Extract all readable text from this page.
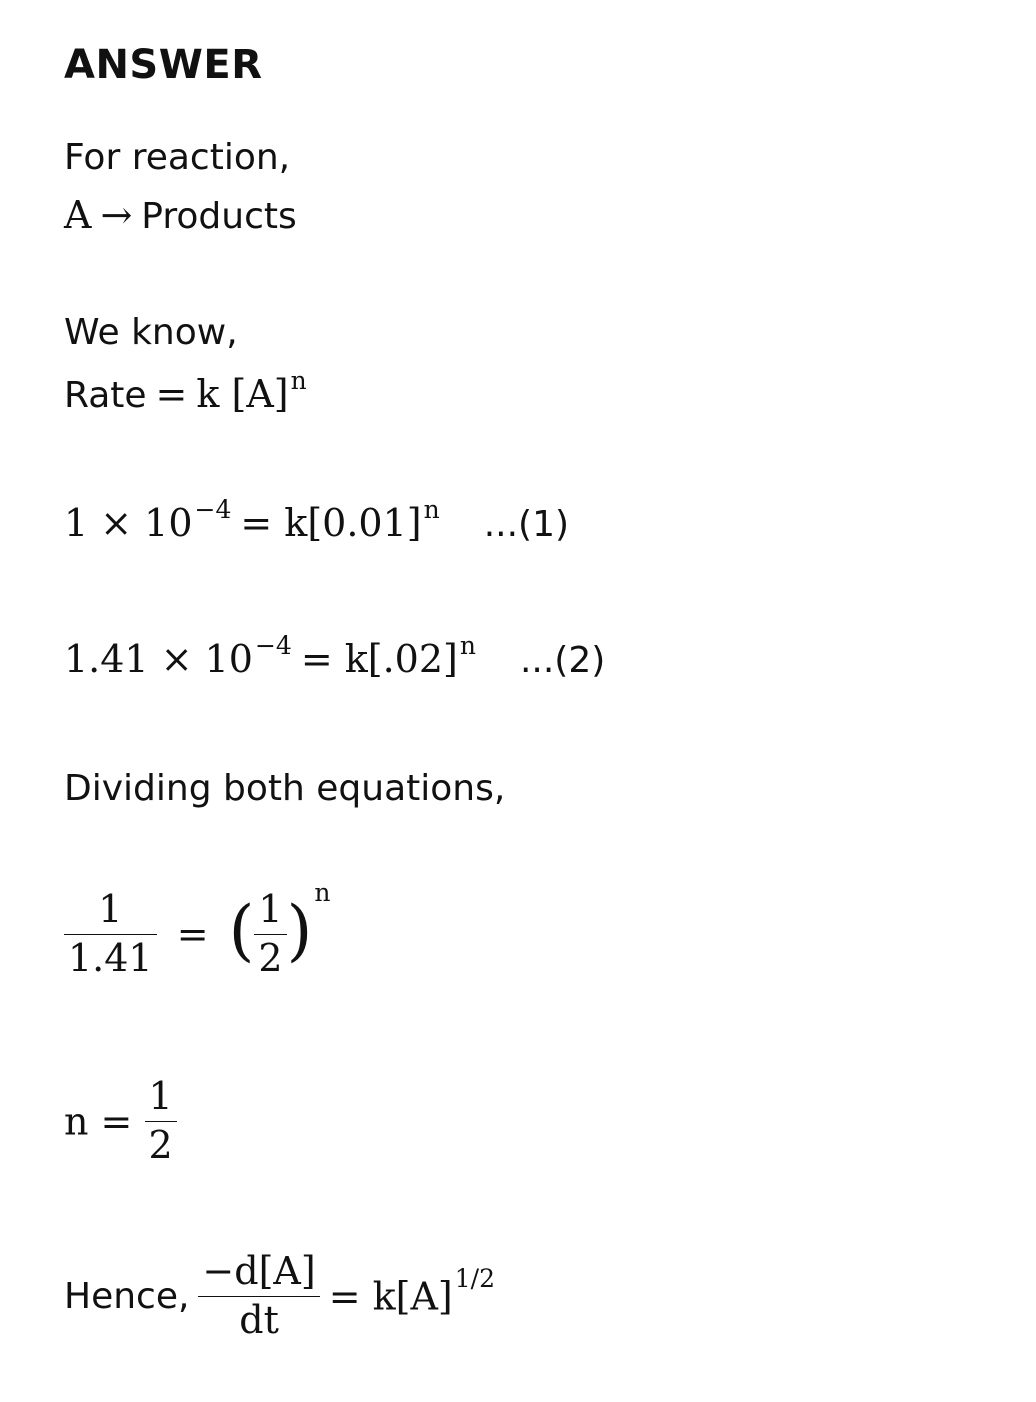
ANSWER
For reaction,
A → Products
We know,
Rate = k $[A]^n$
$1 \times 10^{-4} = k[0.01]^n$ ...(1)
$1.41 \times 10^{-4} = k[.02]^n$ ...(2)
Dividing both equations,
$\frac{1}{1.41}$ = ( $\frac{1}{2} )^n$
$n = \frac{1}{2}$
Hence, $\frac{-d[A]}{dt} = k[A]^{1/2}$
